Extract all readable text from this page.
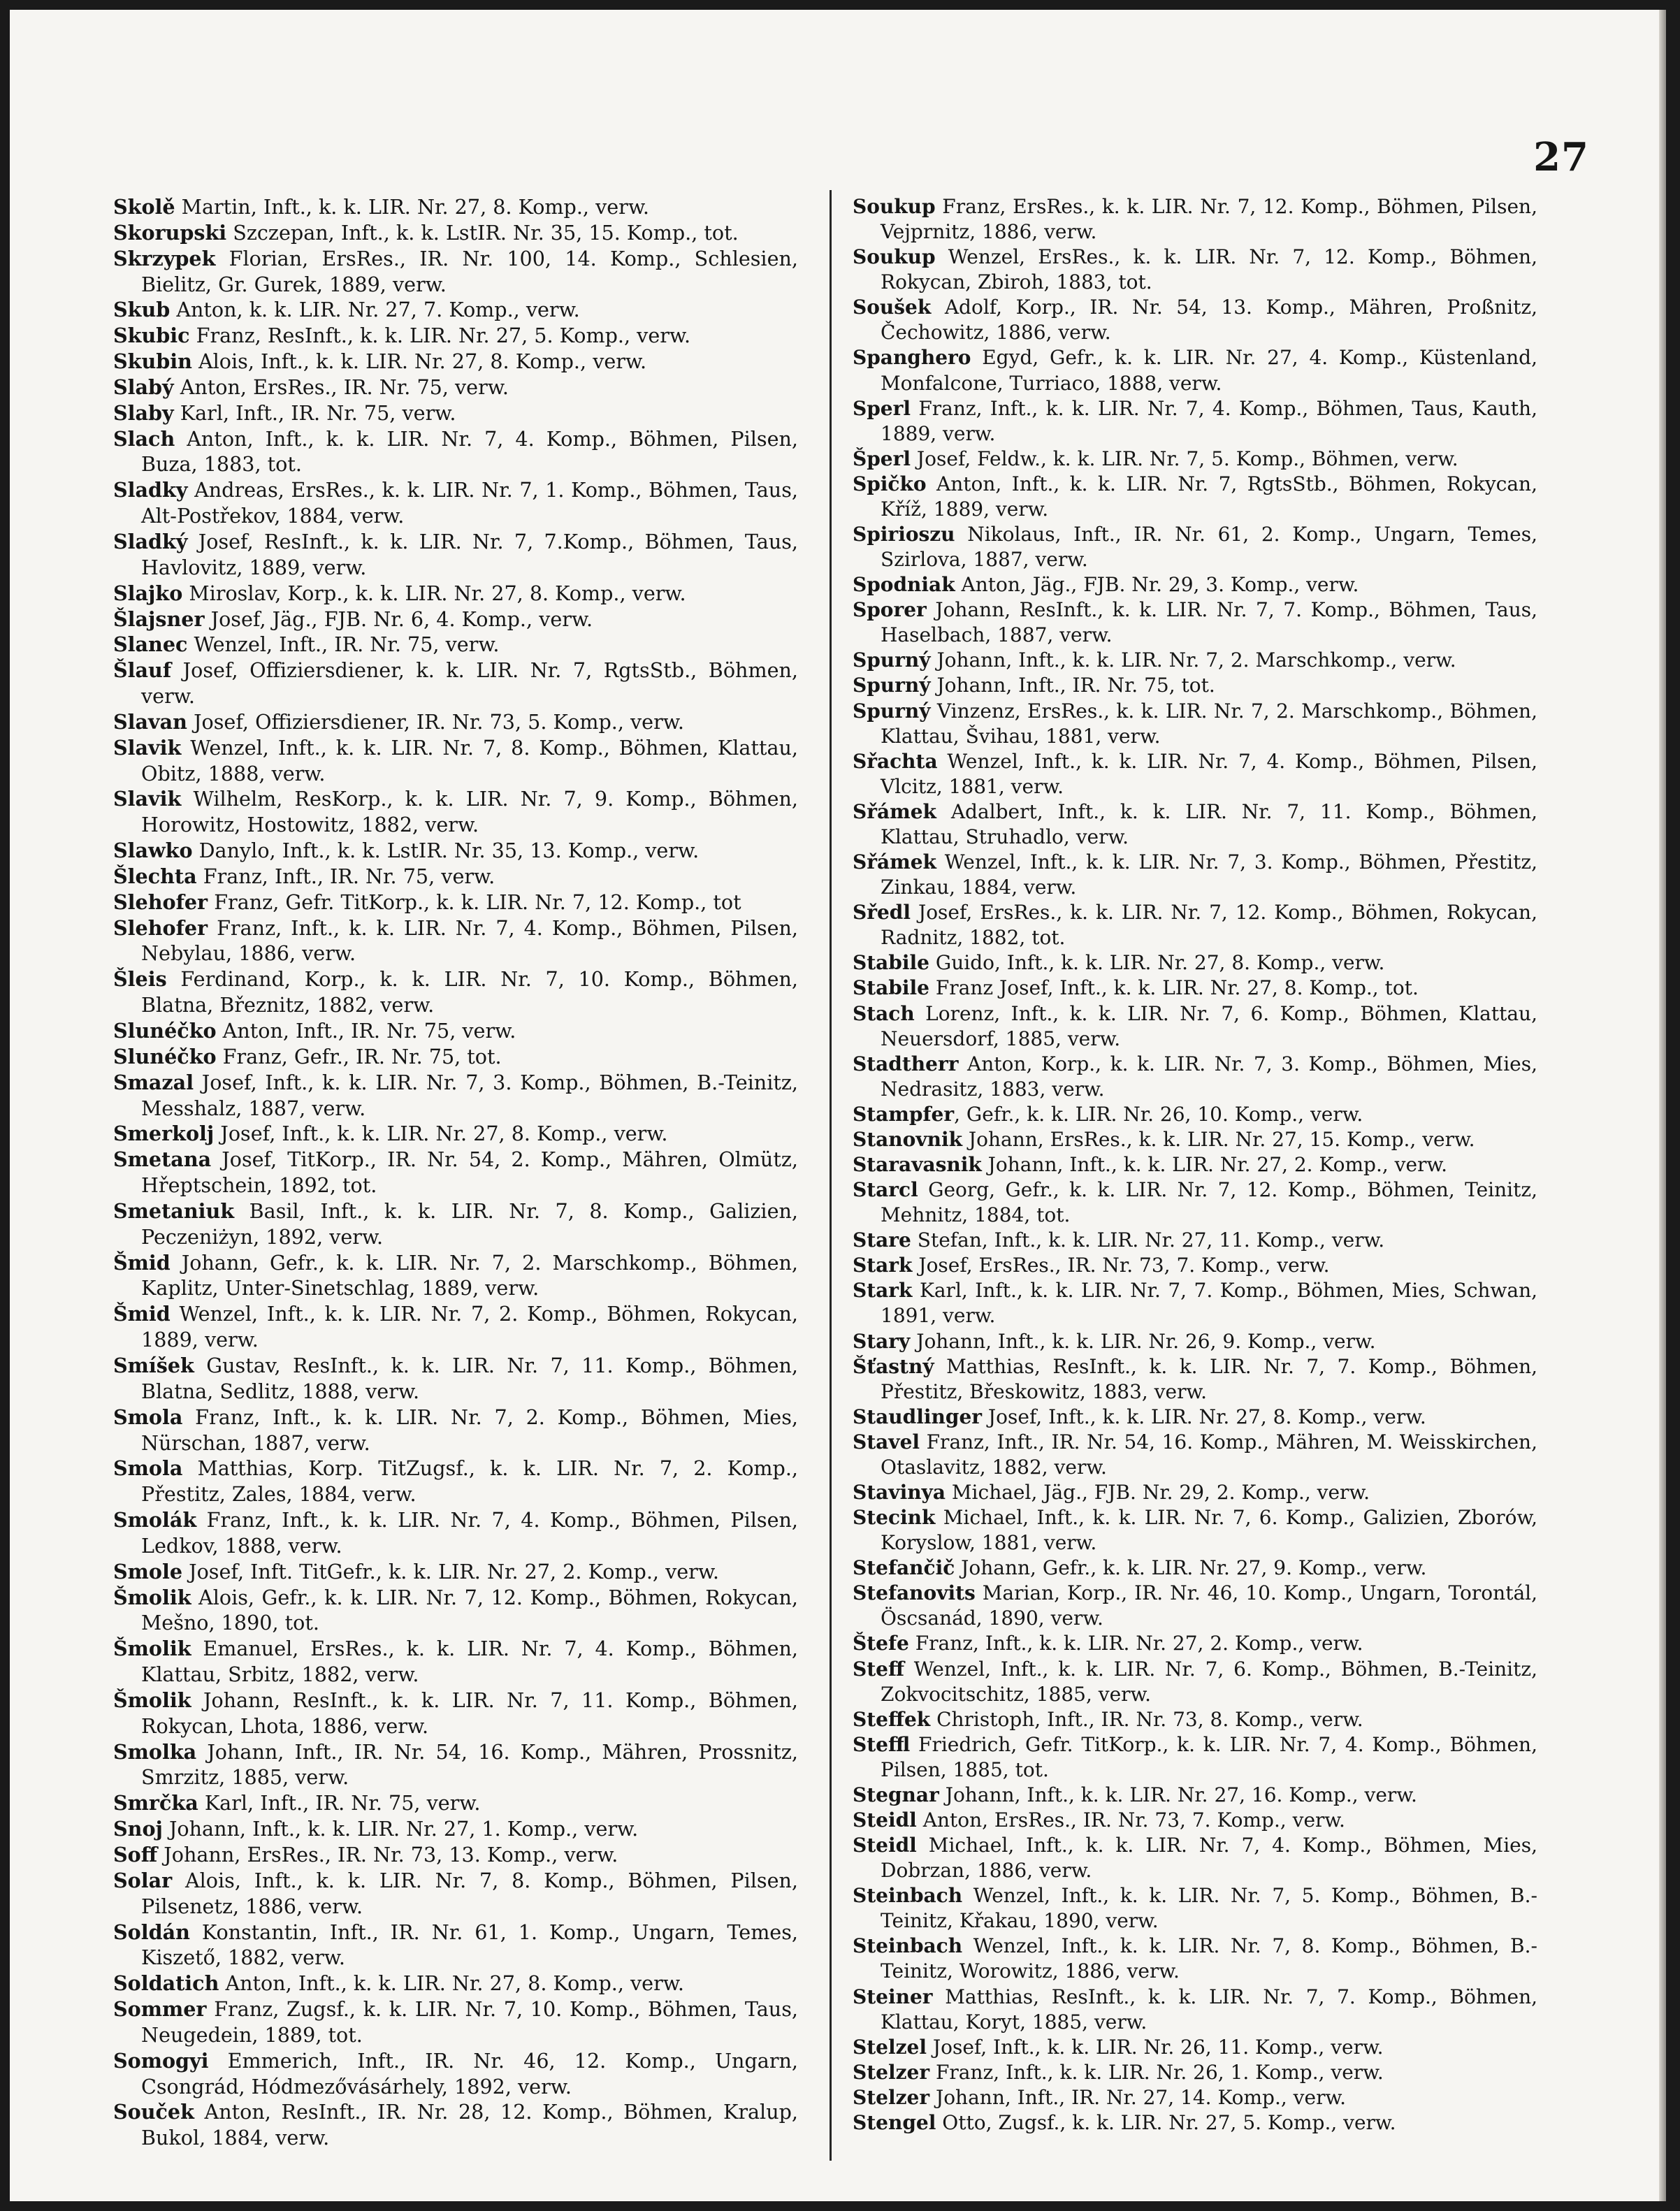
27

Skolě Martin, Inft., k. k. LIR. Nr. 27, 8. Komp., verw.

Skorupski Szczepan, Inft., k. k. LstIR. Nr. 35, 15. Komp., tot.

Skrzypek Florian, ErsRes., IR. Nr. 100, 14. Komp., Schlesien, Bielitz, Gr. Gurek, 1889, verw.

Skub Anton, k. k. LIR. Nr. 27, 7. Komp., verw.

Skubic Franz, ResInft., k. k. LIR. Nr. 27, 5. Komp., verw.

Skubin Alois, Inft., k. k. LIR. Nr. 27, 8. Komp., verw.

Slabý Anton, ErsRes., IR. Nr. 75, verw.

Slaby Karl, Inft., IR. Nr. 75, verw.

Slach Anton, Inft., k. k. LIR. Nr. 7, 4. Komp., Böhmen, Pilsen, Buza, 1883, tot.

Sladky Andreas, ErsRes., k. k. LIR. Nr. 7, 1. Komp., Böhmen, Taus, Alt-Postřekov, 1884, verw.

Sladký Josef, ResInft., k. k. LIR. Nr. 7, 7.Komp., Böhmen, Taus, Havlovitz, 1889, verw.

Slajko Miroslav, Korp., k. k. LIR. Nr. 27, 8. Komp., verw.

Šlajsner Josef, Jäg., FJB. Nr. 6, 4. Komp., verw.

Slanec Wenzel, Inft., IR. Nr. 75, verw.

Šlauf Josef, Offiziersdiener, k. k. LIR. Nr. 7, RgtsStb., Böhmen, verw.

Slavan Josef, Offiziersdiener, IR. Nr. 73, 5. Komp., verw.

Slavik Wenzel, Inft., k. k. LIR. Nr. 7, 8. Komp., Böhmen, Klattau, Obitz, 1888, verw.

Slavik Wilhelm, ResKorp., k. k. LIR. Nr. 7, 9. Komp., Böhmen, Horowitz, Hostowitz, 1882, verw.

Slawko Danylo, Inft., k. k. LstIR. Nr. 35, 13. Komp., verw.

Šlechta Franz, Inft., IR. Nr. 75, verw.

Slehofer Franz, Gefr. TitKorp., k. k. LIR. Nr. 7, 12. Komp., tot

Slehofer Franz, Inft., k. k. LIR. Nr. 7, 4. Komp., Böhmen, Pilsen, Nebylau, 1886, verw.

Šleis Ferdinand, Korp., k. k. LIR. Nr. 7, 10. Komp., Böhmen, Blatna, Březnitz, 1882, verw.

Slunéčko Anton, Inft., IR. Nr. 75, verw.

Slunéčko Franz, Gefr., IR. Nr. 75, tot.

Smazal Josef, Inft., k. k. LIR. Nr. 7, 3. Komp., Böhmen, B.-Teinitz, Messhalz, 1887, verw.

Smerkolj Josef, Inft., k. k. LIR. Nr. 27, 8. Komp., verw.

Smetana Josef, TitKorp., IR. Nr. 54, 2. Komp., Mähren, Olmütz, Hřeptschein, 1892, tot.

Smetaniuk Basil, Inft., k. k. LIR. Nr. 7, 8. Komp., Galizien, Peczeniżyn, 1892, verw.

Šmid Johann, Gefr., k. k. LIR. Nr. 7, 2. Marschkomp., Böhmen, Kaplitz, Unter-Sinetschlag, 1889, verw.

Šmid Wenzel, Inft., k. k. LIR. Nr. 7, 2. Komp., Böhmen, Rokycan, 1889, verw.

Smíšek Gustav, ResInft., k. k. LIR. Nr. 7, 11. Komp., Böhmen, Blatna, Sedlitz, 1888, verw.

Smola Franz, Inft., k. k. LIR. Nr. 7, 2. Komp., Böhmen, Mies, Nürschan, 1887, verw.

Smola Matthias, Korp. TitZugsf., k. k. LIR. Nr. 7, 2. Komp., Přestitz, Zales, 1884, verw.

Smolák Franz, Inft., k. k. LIR. Nr. 7, 4. Komp., Böhmen, Pilsen, Ledkov, 1888, verw.

Smole Josef, Inft. TitGefr., k. k. LIR. Nr. 27, 2. Komp., verw.

Šmolik Alois, Gefr., k. k. LIR. Nr. 7, 12. Komp., Böhmen, Rokycan, Mešno, 1890, tot.

Šmolik Emanuel, ErsRes., k. k. LIR. Nr. 7, 4. Komp., Böhmen, Klattau, Srbitz, 1882, verw.

Šmolik Johann, ResInft., k. k. LIR. Nr. 7, 11. Komp., Böhmen, Rokycan, Lhota, 1886, verw.

Smolka Johann, Inft., IR. Nr. 54, 16. Komp., Mähren, Prossnitz, Smrzitz, 1885, verw.

Smrčka Karl, Inft., IR. Nr. 75, verw.

Snoj Johann, Inft., k. k. LIR. Nr. 27, 1. Komp., verw.

Soff Johann, ErsRes., IR. Nr. 73, 13. Komp., verw.

Solar Alois, Inft., k. k. LIR. Nr. 7, 8. Komp., Böhmen, Pilsen, Pilsenetz, 1886, verw.

Soldán Konstantin, Inft., IR. Nr. 61, 1. Komp., Ungarn, Temes, Kiszető, 1882, verw.

Soldatich Anton, Inft., k. k. LIR. Nr. 27, 8. Komp., verw.

Sommer Franz, Zugsf., k. k. LIR. Nr. 7, 10. Komp., Böhmen, Taus, Neugedein, 1889, tot.

Somogyi Emmerich, Inft., IR. Nr. 46, 12. Komp., Ungarn, Csongrád, Hódmezővásárhely, 1892, verw.

Souček Anton, ResInft., IR. Nr. 28, 12. Komp., Böhmen, Kralup, Bukol, 1884, verw.

Soukup Franz, ErsRes., k. k. LIR. Nr. 7, 12. Komp., Böhmen, Pilsen, Vejprnitz, 1886, verw.

Soukup Wenzel, ErsRes., k. k. LIR. Nr. 7, 12. Komp., Böhmen, Rokycan, Zbiroh, 1883, tot.

Soušek Adolf, Korp., IR. Nr. 54, 13. Komp., Mähren, Proßnitz, Čechowitz, 1886, verw.

Spanghero Egyd, Gefr., k. k. LIR. Nr. 27, 4. Komp., Küstenland, Monfalcone, Turriaco, 1888, verw.

Sperl Franz, Inft., k. k. LIR. Nr. 7, 4. Komp., Böhmen, Taus, Kauth, 1889, verw.

Šperl Josef, Feldw., k. k. LIR. Nr. 7, 5. Komp., Böhmen, verw.

Spičko Anton, Inft., k. k. LIR. Nr. 7, RgtsStb., Böhmen, Rokycan, Kříž, 1889, verw.

Spirioszu Nikolaus, Inft., IR. Nr. 61, 2. Komp., Ungarn, Temes, Szirlova, 1887, verw.

Spodniak Anton, Jäg., FJB. Nr. 29, 3. Komp., verw.

Sporer Johann, ResInft., k. k. LIR. Nr. 7, 7. Komp., Böhmen, Taus, Haselbach, 1887, verw.

Spurný Johann, Inft., k. k. LIR. Nr. 7, 2. Marschkomp., verw.

Spurný Johann, Inft., IR. Nr. 75, tot.

Spurný Vinzenz, ErsRes., k. k. LIR. Nr. 7, 2. Marschkomp., Böhmen, Klattau, Švihau, 1881, verw.

Sřachta Wenzel, Inft., k. k. LIR. Nr. 7, 4. Komp., Böhmen, Pilsen, Vlcitz, 1881, verw.

Sřámek Adalbert, Inft., k. k. LIR. Nr. 7, 11. Komp., Böhmen, Klattau, Struhadlo, verw.

Sřámek Wenzel, Inft., k. k. LIR. Nr. 7, 3. Komp., Böhmen, Přestitz, Zinkau, 1884, verw.

Sředl Josef, ErsRes., k. k. LIR. Nr. 7, 12. Komp., Böhmen, Rokycan, Radnitz, 1882, tot.

Stabile Guido, Inft., k. k. LIR. Nr. 27, 8. Komp., verw.

Stabile Franz Josef, Inft., k. k. LIR. Nr. 27, 8. Komp., tot.

Stach Lorenz, Inft., k. k. LIR. Nr. 7, 6. Komp., Böhmen, Klattau, Neuersdorf, 1885, verw.

Stadtherr Anton, Korp., k. k. LIR. Nr. 7, 3. Komp., Böhmen, Mies, Nedrasitz, 1883, verw.

Stampfer, Gefr., k. k. LIR. Nr. 26, 10. Komp., verw.

Stanovnik Johann, ErsRes., k. k. LIR. Nr. 27, 15. Komp., verw.

Staravasnik Johann, Inft., k. k. LIR. Nr. 27, 2. Komp., verw.

Starcl Georg, Gefr., k. k. LIR. Nr. 7, 12. Komp., Böhmen, Teinitz, Mehnitz, 1884, tot.

Stare Stefan, Inft., k. k. LIR. Nr. 27, 11. Komp., verw.

Stark Josef, ErsRes., IR. Nr. 73, 7. Komp., verw.

Stark Karl, Inft., k. k. LIR. Nr. 7, 7. Komp., Böhmen, Mies, Schwan, 1891, verw.

Stary Johann, Inft., k. k. LIR. Nr. 26, 9. Komp., verw.

Šťastný Matthias, ResInft., k. k. LIR. Nr. 7, 7. Komp., Böhmen, Přestitz, Břeskowitz, 1883, verw.

Staudlinger Josef, Inft., k. k. LIR. Nr. 27, 8. Komp., verw.

Stavel Franz, Inft., IR. Nr. 54, 16. Komp., Mähren, M. Weisskirchen, Otaslavitz, 1882, verw.

Stavinya Michael, Jäg., FJB. Nr. 29, 2. Komp., verw.

Stecink Michael, Inft., k. k. LIR. Nr. 7, 6. Komp., Galizien, Zborów, Koryslow, 1881, verw.

Stefančič Johann, Gefr., k. k. LIR. Nr. 27, 9. Komp., verw.

Stefanovits Marian, Korp., IR. Nr. 46, 10. Komp., Ungarn, Torontál, Öscsanád, 1890, verw.

Štefe Franz, Inft., k. k. LIR. Nr. 27, 2. Komp., verw.

Steff Wenzel, Inft., k. k. LIR. Nr. 7, 6. Komp., Böhmen, B.-Teinitz, Zokvocitschitz, 1885, verw.

Steffek Christoph, Inft., IR. Nr. 73, 8. Komp., verw.

Steffl Friedrich, Gefr. TitKorp., k. k. LIR. Nr. 7, 4. Komp., Böhmen, Pilsen, 1885, tot.

Stegnar Johann, Inft., k. k. LIR. Nr. 27, 16. Komp., verw.

Steidl Anton, ErsRes., IR. Nr. 73, 7. Komp., verw.

Steidl Michael, Inft., k. k. LIR. Nr. 7, 4. Komp., Böhmen, Mies, Dobrzan, 1886, verw.

Steinbach Wenzel, Inft., k. k. LIR. Nr. 7, 5. Komp., Böhmen, B.-Teinitz, Křakau, 1890, verw.

Steinbach Wenzel, Inft., k. k. LIR. Nr. 7, 8. Komp., Böhmen, B.-Teinitz, Worowitz, 1886, verw.

Steiner Matthias, ResInft., k. k. LIR. Nr. 7, 7. Komp., Böhmen, Klattau, Koryt, 1885, verw.

Stelzel Josef, Inft., k. k. LIR. Nr. 26, 11. Komp., verw.

Stelzer Franz, Inft., k. k. LIR. Nr. 26, 1. Komp., verw.

Stelzer Johann, Inft., IR. Nr. 27, 14. Komp., verw.

Stengel Otto, Zugsf., k. k. LIR. Nr. 27, 5. Komp., verw.
